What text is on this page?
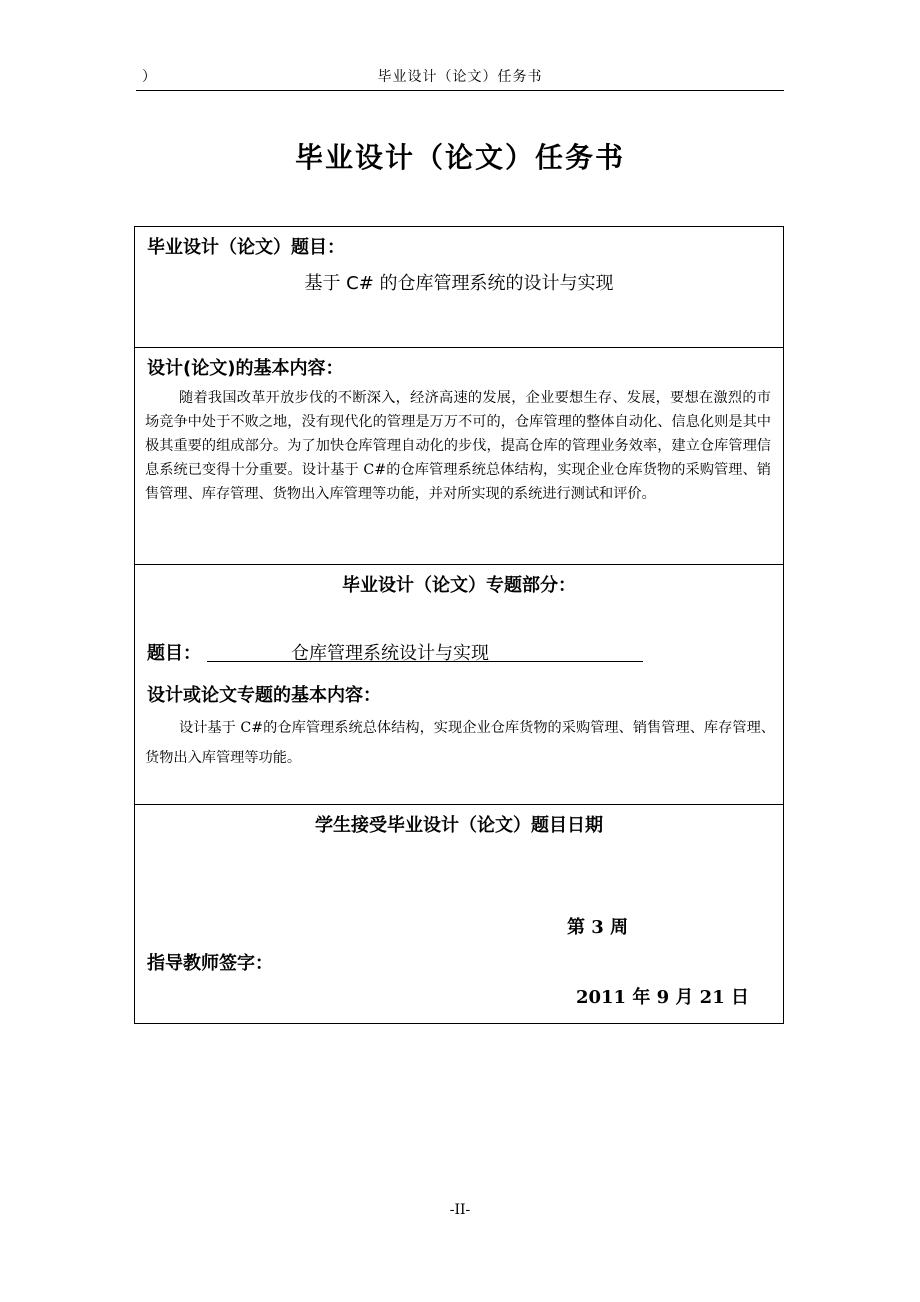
）	毕业设计（论文）任务书
毕业设计（论文）任务书
毕业设计（论文）题目：
基于 C# 的仓库管理系统的设计与实现
设计(论文)的基本内容：
随着我国改革开放步伐的不断深入，经济高速的发展，企业要想生存、发展，要想在激烈的市场竞争中处于不败之地，没有现代化的管理是万万不可的，仓库管理的整体自动化、信息化则是其中极其重要的组成部分。为了加快仓库管理自动化的步伐，提高仓库的管理业务效率，建立仓库管理信息系统已变得十分重要。设计基于 C#的仓库管理系统总体结构，实现企业仓库货物的采购管理、销售管理、库存管理、货物出入库管理等功能，并对所实现的系统进行测试和评价。
毕业设计（论文）专题部分：
题目：	仓库管理系统设计与实现
设计或论文专题的基本内容：
设计基于 C#的仓库管理系统总体结构，实现企业仓库货物的采购管理、销售管理、库存管理、货物出入库管理等功能。
学生接受毕业设计（论文）题目日期
第 3 周
指导教师签字：
2011 年 9 月 21 日
-II-
